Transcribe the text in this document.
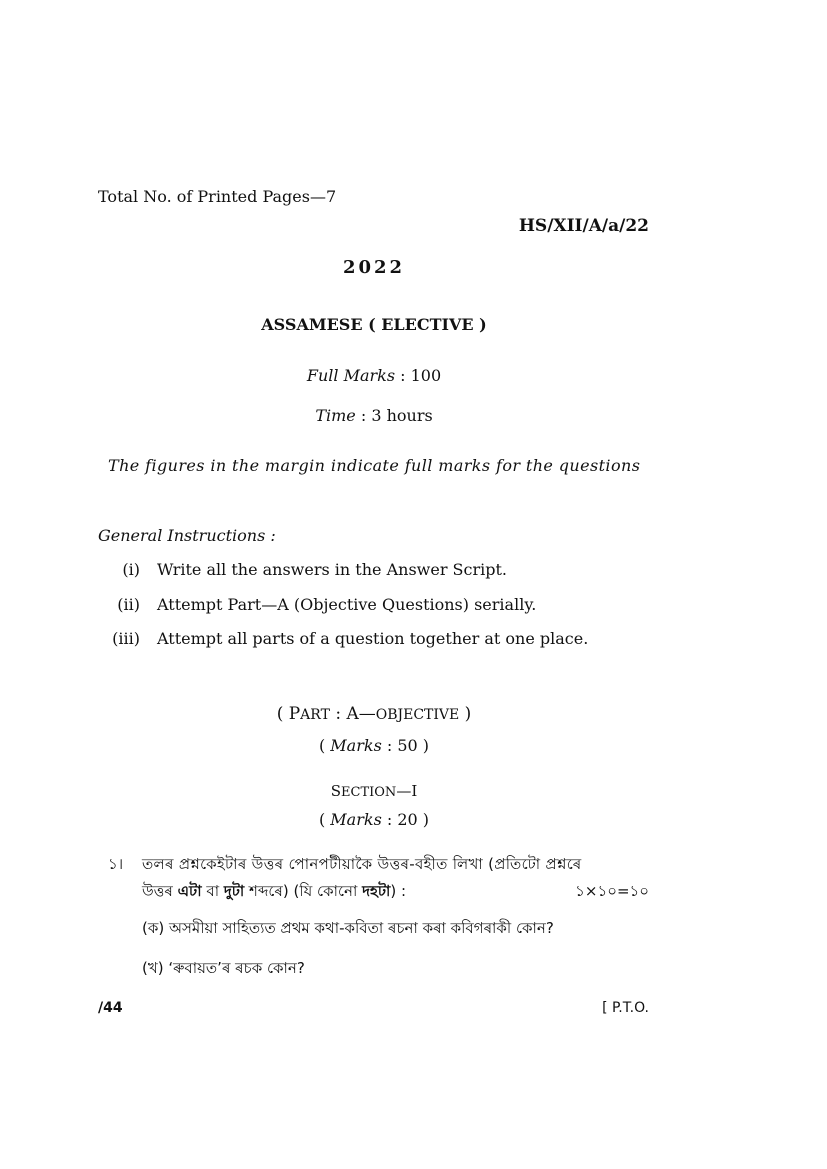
Total No. of Printed Pages—7
HS/XII/A/a/22
2022
ASSAMESE ( ELECTIVE )
Full Marks : 100
Time : 3 hours
The figures in the margin indicate full marks for the questions
General Instructions :
(i) Write all the answers in the Answer Script.
(ii) Attempt Part—A (Objective Questions) serially.
(iii) Attempt all parts of a question together at one place.
( PART : A—OBJECTIVE )
( Marks : 50 )
SECTION—I
( Marks : 20 )
১। তলৰ প্ৰশ্নকেইটাৰ উত্তৰ পোনপটীয়াকৈ উত্তৰ-বহীত লিখা (প্ৰতিটো প্ৰশ্নৰে
উত্তৰ এটা বা দুটা শব্দৰে) (যি কোনো দহটা) :	১×১০=১০
(ক) অসমীয়া সাহিত্যত প্ৰথম কথা-কবিতা ৰচনা কৰা কবিগৰাকী কোন?
(খ) ‘ৰুবায়ত’ৰ ৰচক কোন?
/44	[ P.T.O.
